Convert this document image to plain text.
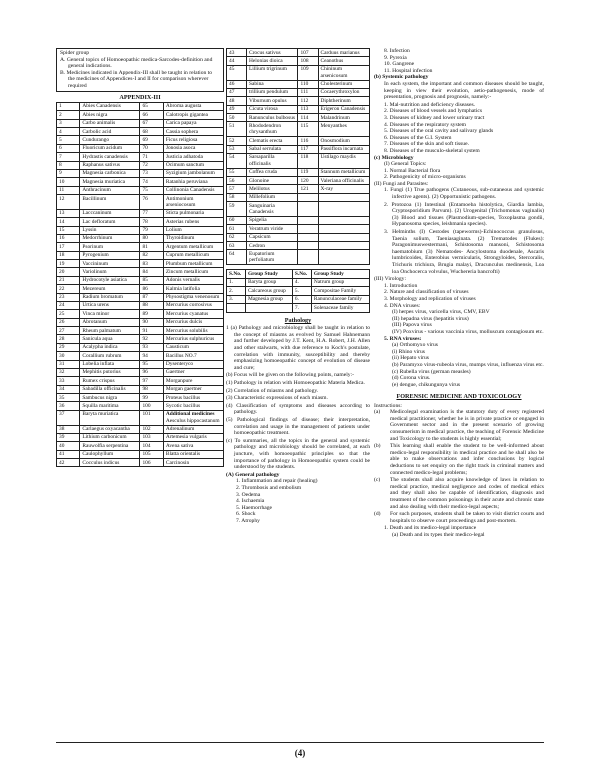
Spider group

A. General topics of Homoeopathic medica-Sarcodes-definition and general indications.

B. Medicines indicated in Appendix-III shall be taught in relation to the medicines of Appendices-I and II for comparison wherever required

APPENDIX-III
1	Abies Canadensis	65	Abroma augusta
2	Abies nigra	66	Calotropis gigantea
3	Carbo animalis	67	Carica papaya
4	Carbolic acid	68	Cassia sophera
5	Cundurango	69	Ficus religiosa
6	Fluoricum acidum	70	Jonosia asoca
7	Hydrastis canadensis	71	Justicia adhatoda
8	Raphanus sativus	72	Ocimum sanctum
9	Magnesia carbonica	73	Syzigium jambolanum
10	Magnesia muriatica	74	Ratanhia peruviana
11	Anthracinum	75	Collinonia Canadensis
12	Bacillinum	76	Antimonium arseniocosum
13	Lacccaninum	77	Sticta pulmonaria
14	Lac defloratum	78	Asterias rubens
15	Lyssin	79	Lolium
16	Medorrhinum	80	Thyroidinum
17	Psorinum	81	Argentum metallicum
18	Pyrogenium	82	Cuprum metallicum
19	Vaccininum	83	Plumbum metallicum
20	Variolinum	84	Zincum metallicum
21	Hydrocotyle asiatica	85	Adonis vernalis
22	Mezereum	86	Kalmia latifolia
23	Radium bromatum	87	Physostigma venenosum
24	Urtica urens	88	Mercurius corrosivus
25	Vinca minor	89	Mercurius cyanatus
26	Abrotanum	90	Mercurius dulcis
27	Rheum palmatum	91	Mercurius solubilis
28	Sanicula aqua	92	Mercurius sulphuricus
29	Acalypha indica	93	Causticum
30	Corallium rubrum	94	Bacillus NO.7
31	Lobelia inflata	95	Dysenteryco
32	Mephitis putorius	96	Gaertner
33	Rumex crispus	97	Morganpure
34	Sabadilla officinalis	98	Morgan gaertner
35	Sambucus nigra	99	Proteus bacillus
36	Squilla maritima	100	Sycotic bacillus
37	Baryta muriatica	101	Additional medicines
Aesculus hippocastanum
38	Carlaegus oxyacantha	102	Adrenalinum
39	Lithium carbonicum	103	Artemesia vulgaris
40	Rauwolfia serpentina	104	Avena sativa
41	Caulophyllum	105	Blatta orientalis
42	Cocculus indicus	106	Carcinosin
43	Crocus sativus	107	Carduus marianus
44	Helonias dioica	108	Ceanothus
45	Lillium trigrinum	109	Chininum arsenicosum
46	Sabina	110	Cholesterinum
47	trillium pendulum	111	Cocaerythroxylon
48	Viburnum opulus	112	Diphtherinum
49	Cicuta virosa	113	Erigeron Canadensis
50	Ranunculus bulbosus	114	Malandrinum
51	Rhododendron chrysanthum	115	Menyanthes
52	Clematis erecta	116	Onosmodium
53	Sabal serrulata	117	Passiflora incarnata
54	Sarsaparilla officinalis	118	Ustilago maydis
55	Coffea cruda	119	Stannum metallicum
56	Glonoine	120	Valeriana officinalis
57	Melilotus	121	X-ray
58	Millefolium		
59	Sanguinaria Canadensis		
60	Spigelia		
61	Veratrum viride		
62	Capsicum		
63	Cedron		
64	Eupatorium perfoliatum		
S.No.	Group Study	S.No.	Group Study
1.	Baryta group	4.	Natrum group
2.	Calcareous group	5.	Compositae Family
3.	Magnesia group	6.	Ranunculaceae family
		7.	Solenaceae family
Pathology

1 (a) Pathology and microbiology shall be taught in relation to the concept of miasms as evolved by Samuel Hahnemann and further developed by J.T. Kent, H.A. Robert, J.H. Allen and other stalwarts, with due reference to Koch's postulate, correlation with immunity, susceptibility and thereby emphasizing homoeopathic concept of evolution of disease and cure;

(b) Focus will be given on the following points, namely:-

(1) Pathology in relation with Homoeopathic Materia Medica.

(2) Correlation of miasms and pathology.

(3) Characteristic expressions of each miasm.

(4) Classification of symptoms and diseases according to pathology.

(5) Pathological findings of disease; their interpretation, correlation and usage in the management of patients under homoeopathic treatment.

(c) To summaries, all the topics in the general and systemic pathology and microbiology should be correlated, at each juncture, with homoeopathic principles so that the importance of pathology in Homoeopathic system could be understood by the students.

(A) General pathology

1. Inflammation and repair (healing)

2. Thrombosis and embolism

3. Oedema

4. Ischaemia

5. Haemorrhage

6. Shock

7. Atrophy

8. Infection

9. Pyrexia

10. Gangrene

11. Hospital infection

(b) Systemic pathology

In each system, the important and common diseases should be taught, keeping in view their evolution, aetio-pathogenesis, mode of presentation, prognosis and prognosis, namely:-

1. Mal-nutrition and deficiency diseases.

2. Diseases of blood vessels and lymphatics

3. Diseases of kidney and lower urinary tract

4. Diseases of the respiratory system

5. Diseases of the oral cavity and salivary glands

6. Diseases of the G.I. System

7. Diseases of the skin and soft tissue.

8. Diseases of the musculo-skeletal system

(c) Microbiology

(I) General Topics:

1. Normal Bacterial flora

2. Pathogenicity of micro-organisms

(II) Fungi and Parasites:

1. Fungi (1) True pathogens (Cutaneous, sub-cutaneous and systemic infective agents). (2) Opportunistic pathogens.

2. Protozoa (1) Intestinal (Entamoeba histolytica, Giardia lambia, Cryptosporidium Parvum). (2) Urogenital (Trichomonas vaginalis) (3) Blood and tissues (Plasmodium-species, Toxoplasma gondii, Hypanosoma species, leishmania species).

3. Helminths (I) Cestodes (tapeworms)-Echinococcus granulosus, Taenia solium, Taeniasaginata. (2) Trematodes (Flukes): Paragonimuswestermani, Schistosoma mansoni, Schistosoma haematobium (3) Nematodes- Ancylostoma duodenale, Ascaris lumbricoides, Enterobius vermicularis, Strongyloides, Stercoralis, Trichuris trichiura, Brugia malayi, Dracunculus medinensis, Loa loa Onchocerca volvulus, Wuchereria bancrofti)

(III) Virology:

1. Introduction

2. Nature and classification of viruses

3. Morphology and replication of viruses

4. DNA viruses:

(I) herpes virus, varicella virus, CMV, EBV

(II) hepadna virus (hepatitis virus)

(III) Papova virus

(IV) Poxvirus - various vaccinia virus, molluscum contagiosum etc.

5. RNA viruses:

(a) Orthomyxo virus

(i) Rhino virus

(ii) Hepato virus

(b) Paramyxo virus-rubeola virus, mumps virus, influenza virus etc.

(c) Rubella virus (german measles)

(d) Corona virus.

(e) dengue, chikungunya virus

FORENSIC MEDICINE AND TOXICOLOGY

Instructions:

(a)	Medicolegal examination is the statutory duty of every registered medical practitioner, whether he is in private practice or engaged in Government sector and in the present scenario of growing consumerism in medical practice, the teaching of Forensic Medicine and Toxicology to the students is highly essential;

(b)	This learning shall enable the student to be well-informed about medico-legal responsibility in medical practice and he shall also be able to make observations and infer conclusions by logical deductions to set enquiry on the right track in criminal matters and connected medico-legal problems;

(c)	The students shall also acquire knowledge of laws in relation to medical practice, medical negligence and codes of medical ethics and they shall also be capable of identification, diagnosis and treatment of the common poisonings in their acute and chronic state and also dealing with their medico-legal aspects;

(d)	For such purposes, students shall be taken to visit district courts and hospitals to observe court proceedings and post-mortem.

1. Death and its medico-legal importance

(a) Death and its types their medico-legal

(4)
